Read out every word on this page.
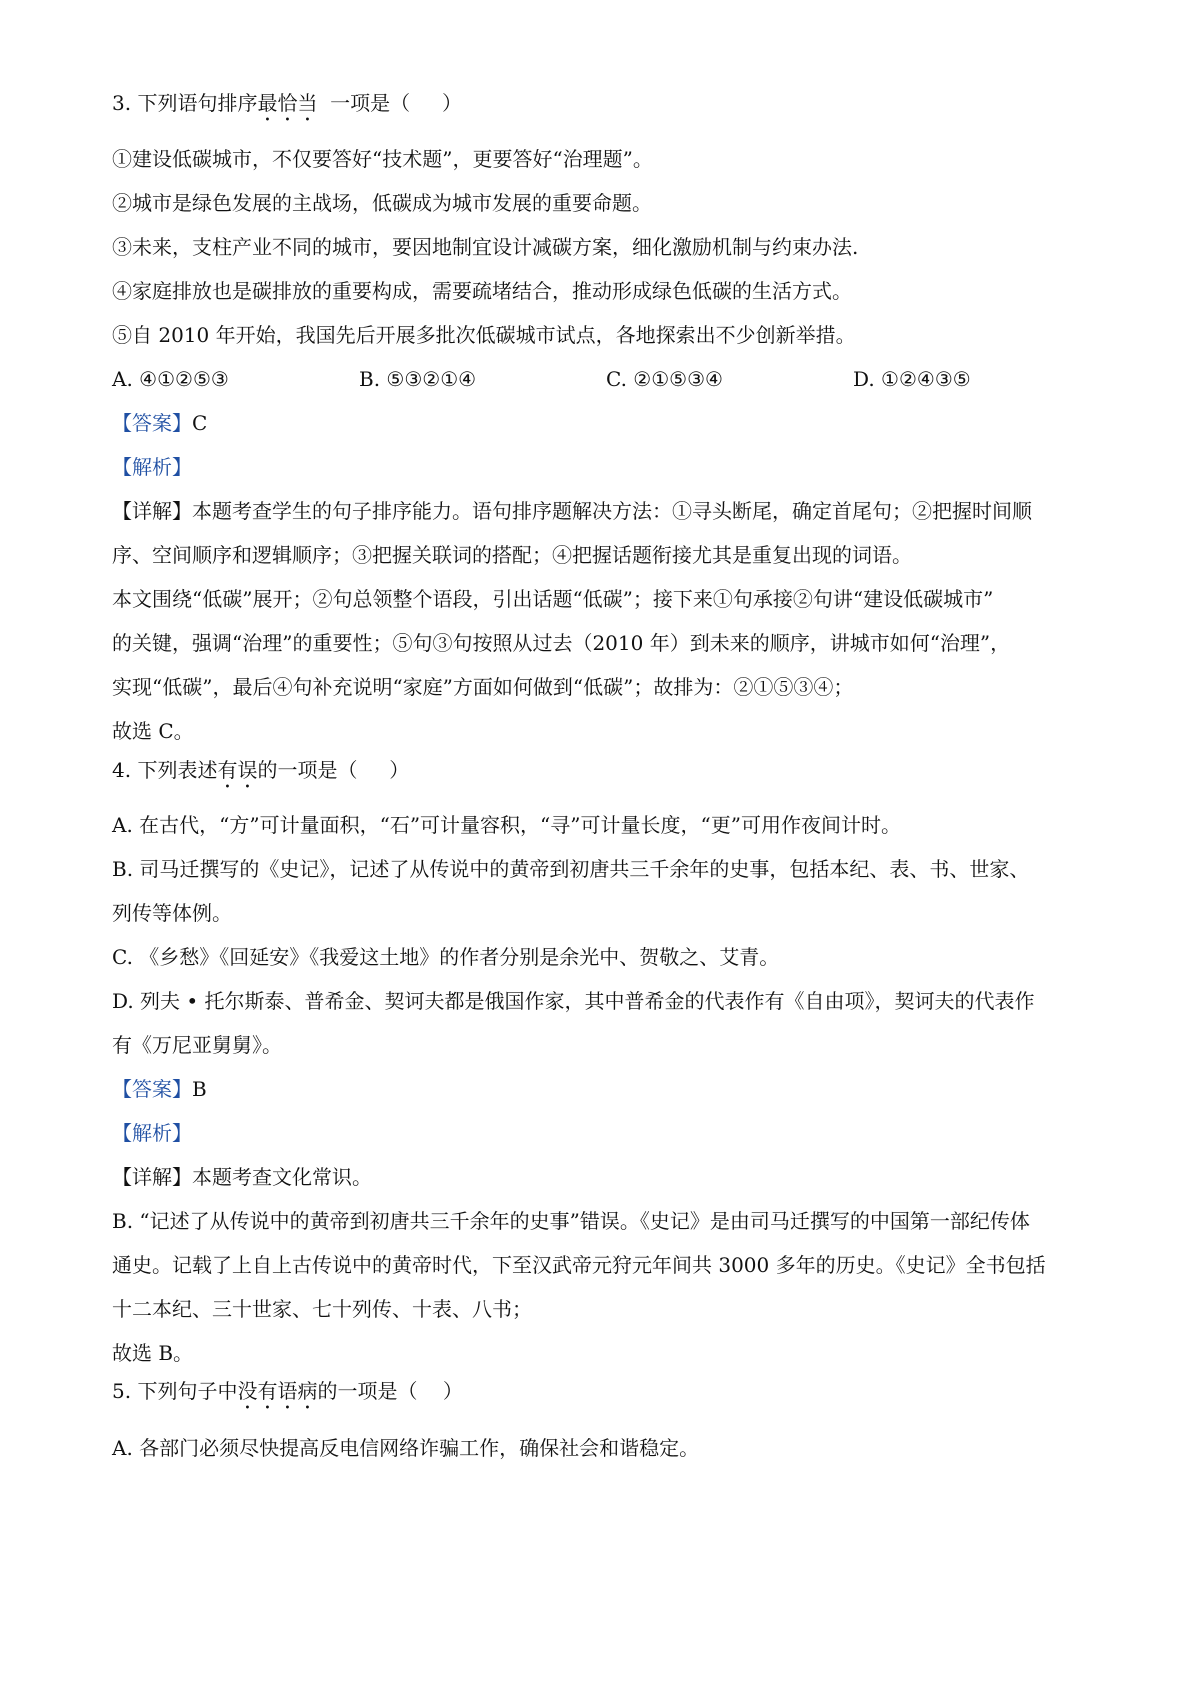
3. 下列语句排序最恰当  一项是（     ）

①建设低碳城市，不仅要答好“技术题”，更要答好“治理题”。

②城市是绿色发展的主战场，低碳成为城市发展的重要命题。

③未来，支柱产业不同的城市，要因地制宜设计减碳方案，细化激励机制与约束办法.

④家庭排放也是碳排放的重要构成，需要疏堵结合，推动形成绿色低碳的生活方式。

⑤自 2010 年开始，我国先后开展多批次低碳城市试点，各地探索出不少创新举措。

A. ④①②⑤③	B. ⑤③②①④	C. ②①⑤③④	D. ①②④③⑤

【答案】C

【解析】

【详解】本题考查学生的句子排序能力。语句排序题解决方法：①寻头断尾，确定首尾句；②把握时间顺

序、空间顺序和逻辑顺序；③把握关联词的搭配；④把握话题衔接尤其是重复出现的词语。

本文围绕“低碳”展开；②句总领整个语段，引出话题“低碳”；接下来①句承接②句讲“建设低碳城市”

的关键，强调“治理”的重要性；⑤句③句按照从过去（2010 年）到未来的顺序，讲城市如何“治理”，

实现“低碳”，最后④句补充说明“家庭”方面如何做到“低碳”；故排为：②①⑤③④；

故选 C。

4. 下列表述有误的一项是（     ）

A. 在古代，“方”可计量面积，“石”可计量容积，“寻”可计量长度，“更”可用作夜间计时。

B. 司马迁撰写的《史记》，记述了从传说中的黄帝到初唐共三千余年的史事，包括本纪、表、书、世家、

列传等体例。

C. 《乡愁》《回延安》《我爱这土地》的作者分别是余光中、贺敬之、艾青。

D. 列夫 • 托尔斯泰、普希金、契诃夫都是俄国作家，其中普希金的代表作有《自由项》，契诃夫的代表作

有《万尼亚舅舅》。

【答案】B

【解析】

【详解】本题考查文化常识。

B. “记述了从传说中的黄帝到初唐共三千余年的史事”错误。《史记》是由司马迁撰写的中国第一部纪传体

通史。记载了上自上古传说中的黄帝时代，下至汉武帝元狩元年间共 3000 多年的历史。《史记》全书包括

十二本纪、三十世家、七十列传、十表、八书；

故选 B。

5. 下列句子中没有语病的一项是（    ）

A. 各部门必须尽快提高反电信网络诈骗工作，确保社会和谐稳定。
